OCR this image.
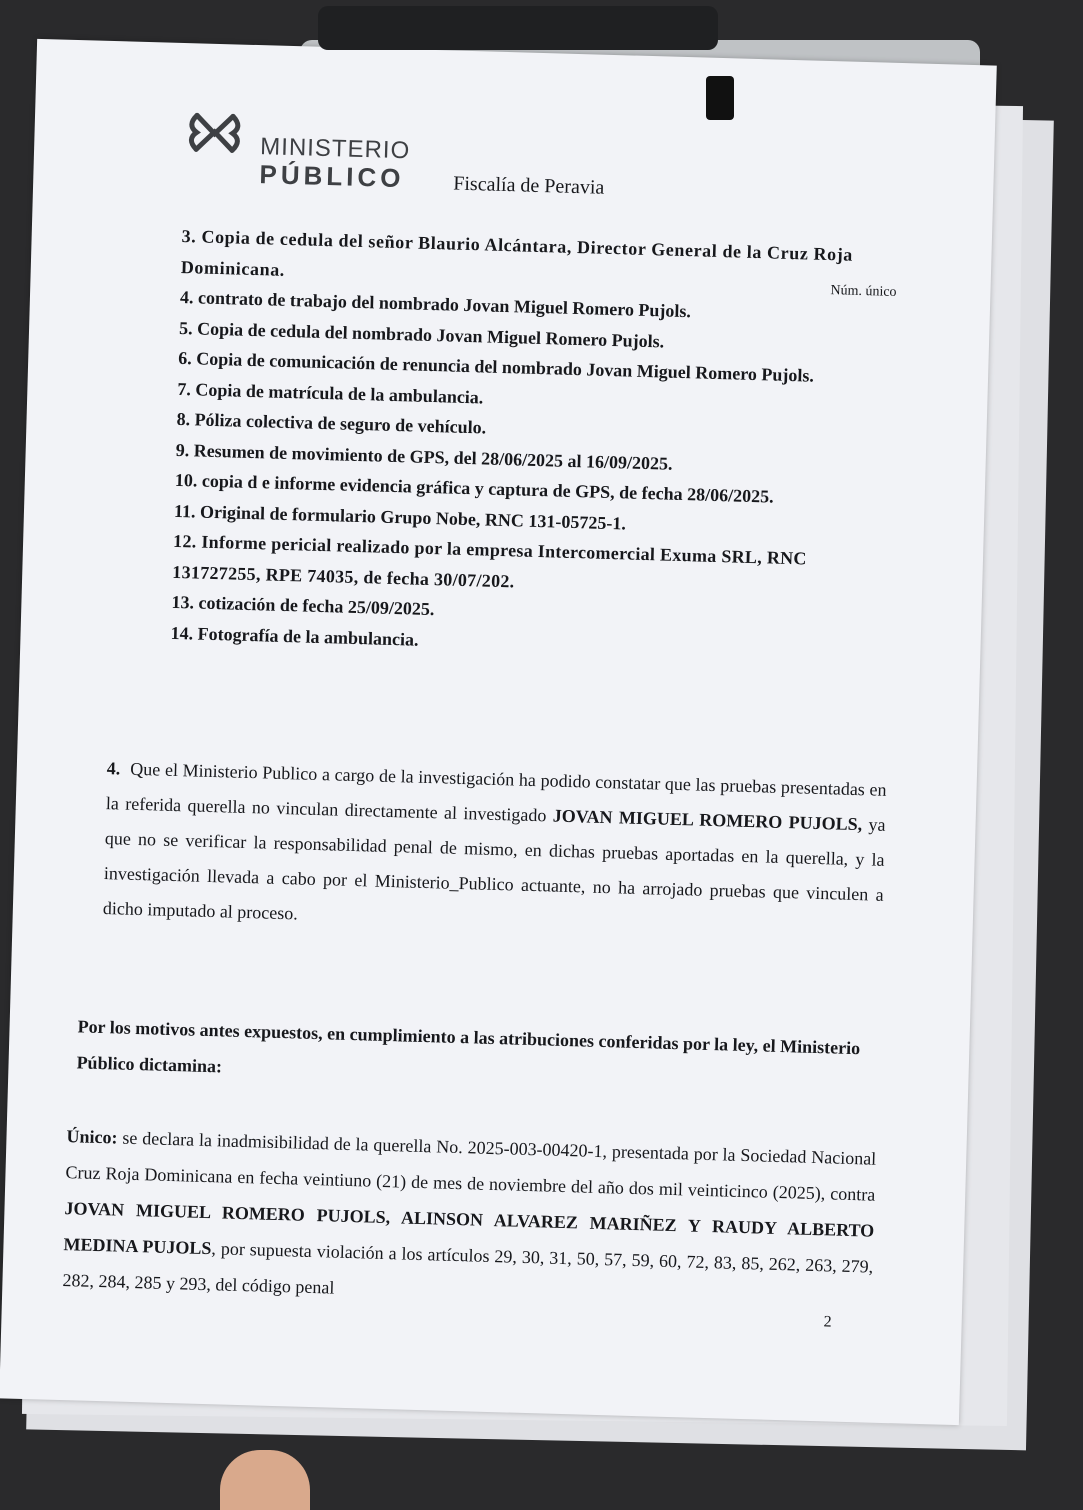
MINISTERIO
PÚBLICO Fiscalía de Peravia
Núm. único
3. Copia de cedula del señor Blaurio Alcántara, Director General de la Cruz Roja Dominicana.
4. contrato de trabajo del nombrado Jovan Miguel Romero Pujols.
5. Copia de cedula del nombrado Jovan Miguel Romero Pujols.
6. Copia de comunicación de renuncia del nombrado Jovan Miguel Romero Pujols.
7. Copia de matrícula de la ambulancia.
8. Póliza colectiva de seguro de vehículo.
9. Resumen de movimiento de GPS, del 28/06/2025 al 16/09/2025.
10. copia d e informe evidencia gráfica y captura de GPS, de fecha 28/06/2025.
11. Original de formulario Grupo Nobe, RNC 131-05725-1.
12. Informe pericial realizado por la empresa Intercomercial Exuma SRL, RNC 131727255, RPE 74035, de fecha 30/07/202.
13. cotización de fecha 25/09/2025.
14. Fotografía de la ambulancia.
4. Que el Ministerio Publico a cargo de la investigación ha podido constatar que las pruebas presentadas en la referida querella no vinculan directamente al investigado JOVAN MIGUEL ROMERO PUJOLS, ya que no se verificar la responsabilidad penal de mismo, en dichas pruebas aportadas en la querella, y la investigación llevada a cabo por el Ministerio_Publico actuante, no ha arrojado pruebas que vinculen a dicho imputado al proceso.
Por los motivos antes expuestos, en cumplimiento a las atribuciones conferidas por la ley, el Ministerio Público dictamina:
Único: se declara la inadmisibilidad de la querella No. 2025-003-00420-1, presentada por la Sociedad Nacional Cruz Roja Dominicana en fecha veintiuno (21) de mes de noviembre del año dos mil veinticinco (2025), contra JOVAN MIGUEL ROMERO PUJOLS, ALINSON ALVAREZ MARIÑEZ Y RAUDY ALBERTO MEDINA PUJOLS, por supuesta violación a los artículos 29, 30, 31, 50, 57, 59, 60, 72, 83, 85, 262, 263, 279, 282, 284, 285 y 293, del código penal
2
